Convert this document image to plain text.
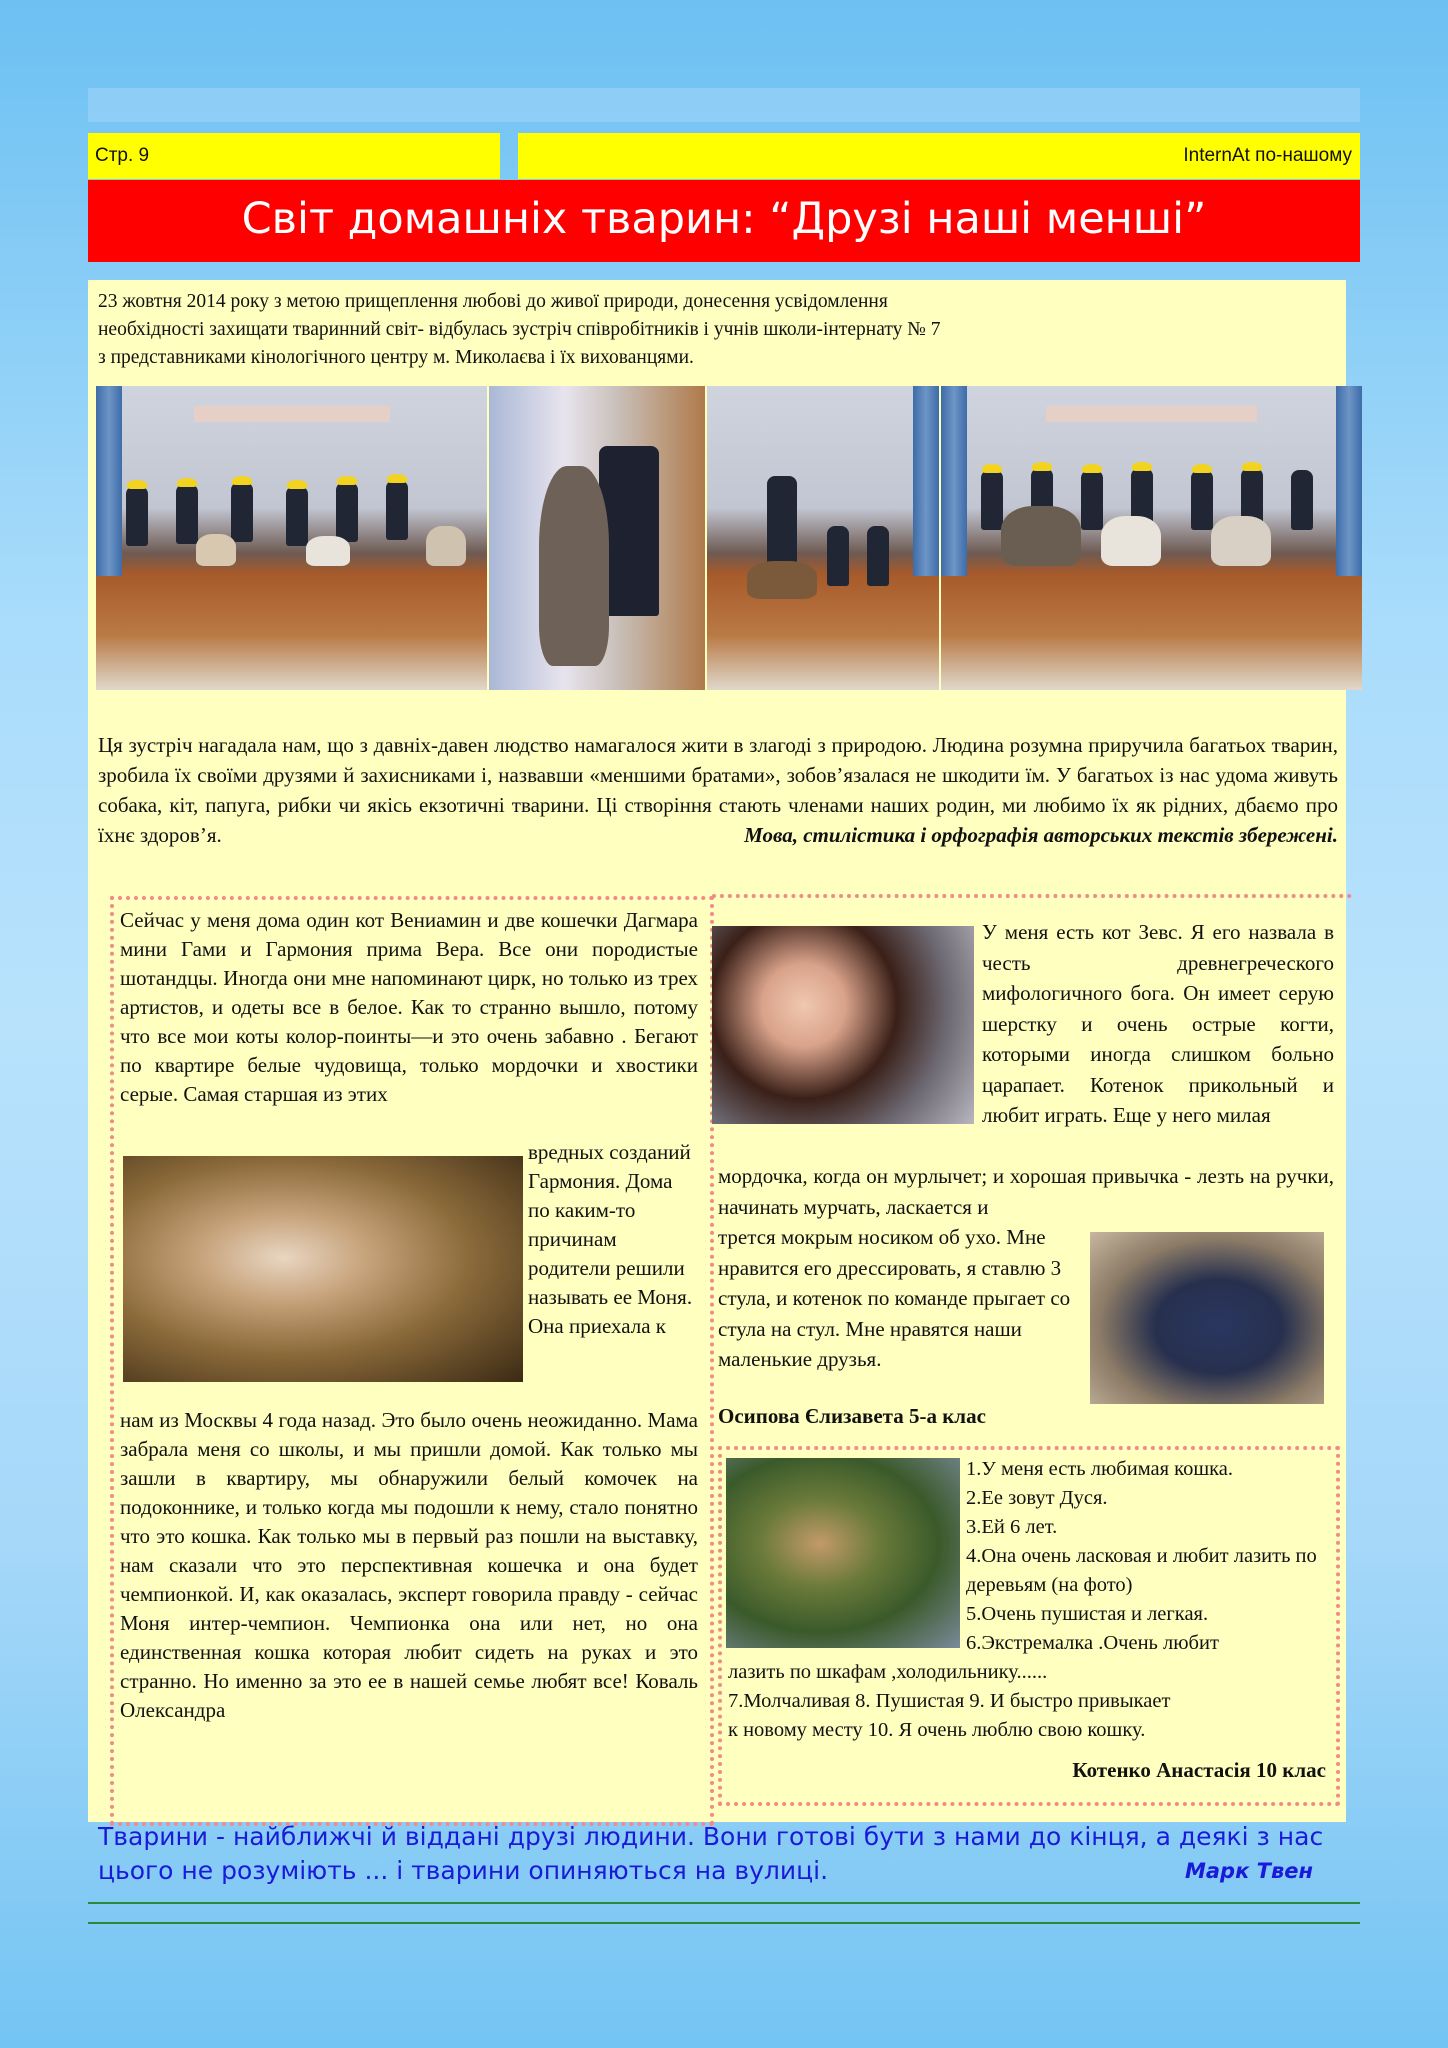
Стр. 9	InternAt по-нашому
Світ домашніх тварин: “Друзі наші менші”
23 жовтня 2014 року з метою прищеплення любові до живої природи, донесення усвідомлення
необхідності захищати тваринний світ- відбулась зустріч співробітників і учнів школи-інтернату № 7
з представниками кінологічного центру м. Миколаєва і їх вихованцями.
Ця зустріч нагадала нам, що з давніх-давен людство намагалося жити в злагоді з природою. Людина розумна приручила багатьох тварин, зробила їх своїми друзями й захисниками і, назвавши «меншими братами», зобов’язалася не шкодити їм. У багатьох із нас удома живуть собака, кіт, папуга, рибки чи якісь екзотичні тварини. Ці створіння стають членами наших родин, ми любимо їх як рідних, дбаємо про їхнє здоров’я.	Мова, стилістика і орфографія авторських текстів збережені.

Сейчас у меня дома один кот Вениамин и две кошечки Дагмара мини Гами и Гармония прима Вера. Все они породистые шотандцы. Иногда они мне напоминают цирк, но только из трех артистов, и одеты все в белое. Как то странно вышло, потому что все мои коты колор-поинты—и это очень забавно . Бегают по квартире белые чудовища, только мордочки и хвостики серые. Самая старшая из этих

вредных созданий Гармония. Дома по каким-то причинам родители решили называть ее Моня. Она приехала к
нам из Москвы 4 года назад. Это было очень неожиданно. Мама забрала меня со школы, и мы пришли домой. Как только мы зашли в квартиру, мы обнаружили белый комочек на подоконнике, и только когда мы подошли к нему, стало понятно что это кошка. Как только мы в первый раз пошли на выставку, нам сказали что это перспективная кошечка и она будет чемпионкой. И, как оказалась, эксперт говорила правду - сейчас Моня интер-чемпион. Чемпионка она или нет, но она единственная кошка которая любит сидеть на руках и это странно. Но именно за это ее в нашей семье любят все! Коваль Олександра
У меня есть кот Зевс. Я его назвала в честь древнегреческого мифологичного бога. Он имеет серую шерстку и очень острые когти, которыми иногда слишком больно царапает. Котенок прикольный и любит играть. Еще у него милая
мордочка, когда он мурлычет; и хорошая привычка - лезть на ручки, начинать мурчать, ласкается и
трется мокрым носиком об ухо. Мне нравится его дрессировать, я ставлю 3 стула, и котенок по команде прыгает со стула на стул. Мне нравятся наши маленькие друзья.
Осипова Єлизавета 5-а клас
1.У меня есть любимая кошка.
2.Ее зовут Дуся.
3.Ей 6 лет.
4.Она очень ласковая и любит лазить по деревьям (на фото)
5.Очень пушистая и легкая.
6.Экстремалка .Очень любит
лазить по шкафам ,холодильнику......
7.Молчаливая 8. Пушистая 9. И быстро привыкает
к новому месту 10. Я очень люблю свою кошку.
Котенко Анастасія 10 клас
Тварини - найближчі й віддані друзі людини. Вони готові бути з нами до кінця, а деякі з нас цього не розуміють ... і тварини опиняються на вулиці.	Марк Твен
